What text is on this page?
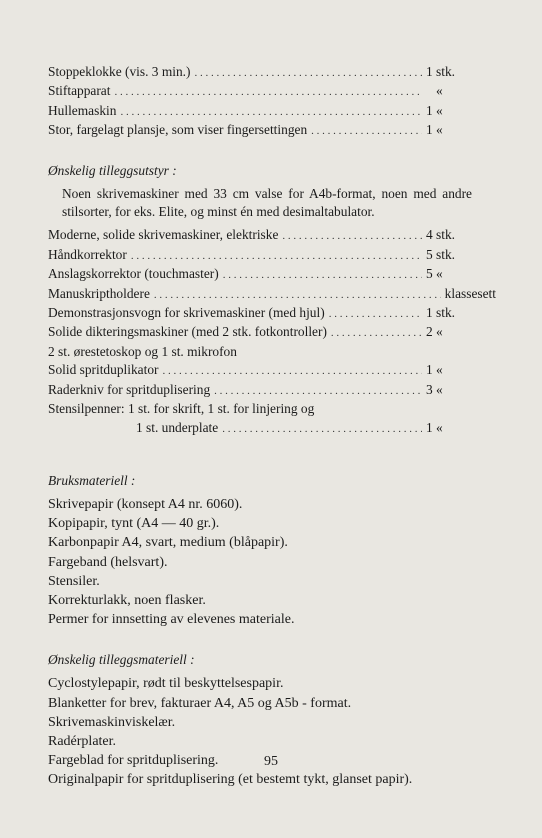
Stoppeklokke (vis. 3 min.) . . .	1 stk.
Stiftapparat . . .	«
Hullemaskin . . .	1 «
Stor, fargelagt plansje, som viser fingersettingen . . .	1 «
Ønskelig tilleggsutstyr :
Noen skrivemaskiner med 33 cm valse for A4b-format, noen med andre stilsorter, for eks. Elite, og minst én med desimaltabulator.
Moderne, solide skrivemaskiner, elektriske . . .	4 stk.
Håndkorrektor . . .	5 stk.
Anslagskorrektor (touchmaster) . . .	5 «
Manuskriptholdere . . .	klassesett
Demonstrasjonsvogn for skrivemaskiner (med hjul) . . .	1 stk.
Solide dikteringsmaskiner (med 2 stk. fotkontroller) . . .	2 «
2 st. ørestetoskop og 1 st. mikrofon
Solid spritduplikator . . .	1 «
Raderkniv for spritduplisering . . .	3 «
Stensilpenner: 1 st. for skrift, 1 st. for linjering og
1 st. underplate . . .	1 «
Bruksmateriell :
Skrivepapir (konsept A4 nr. 6060).
Kopipapir, tynt (A4 — 40 gr.).
Karbonpapir A4, svart, medium (blåpapir).
Fargeband (helsvart).
Stensiler.
Korrekturlakk, noen flasker.
Permer for innsetting av elevenes materiale.
Ønskelig tilleggsmateriell :
Cyclostylepapir, rødt til beskyttelsespapir.
Blanketter for brev, fakturaer A4, A5 og A5b - format.
Skrivemaskinviskelær.
Radérplater.
Fargeblad for spritduplisering.
Originalpapir for spritduplisering (et bestemt tykt, glanset papir).
95
